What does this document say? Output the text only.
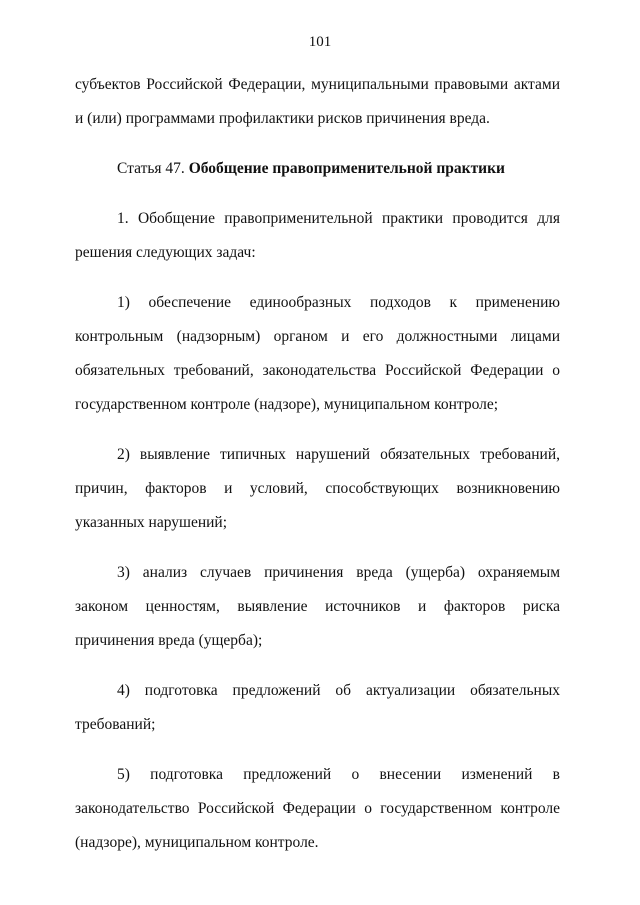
101

субъектов Российской Федерации, муниципальными правовыми актами и (или) программами профилактики рисков причинения вреда.

Статья 47. Обобщение правоприменительной практики

1. Обобщение правоприменительной практики проводится для решения следующих задач:

1) обеспечение единообразных подходов к применению контрольным (надзорным) органом и его должностными лицами обязательных требований, законодательства Российской Федерации о государственном контроле (надзоре), муниципальном контроле;

2) выявление типичных нарушений обязательных требований, причин, факторов и условий, способствующих возникновению указанных нарушений;

3) анализ случаев причинения вреда (ущерба) охраняемым законом ценностям, выявление источников и факторов риска причинения вреда (ущерба);

4) подготовка предложений об актуализации обязательных требований;

5) подготовка предложений о внесении изменений в законодательство Российской Федерации о государственном контроле (надзоре), муниципальном контроле.
